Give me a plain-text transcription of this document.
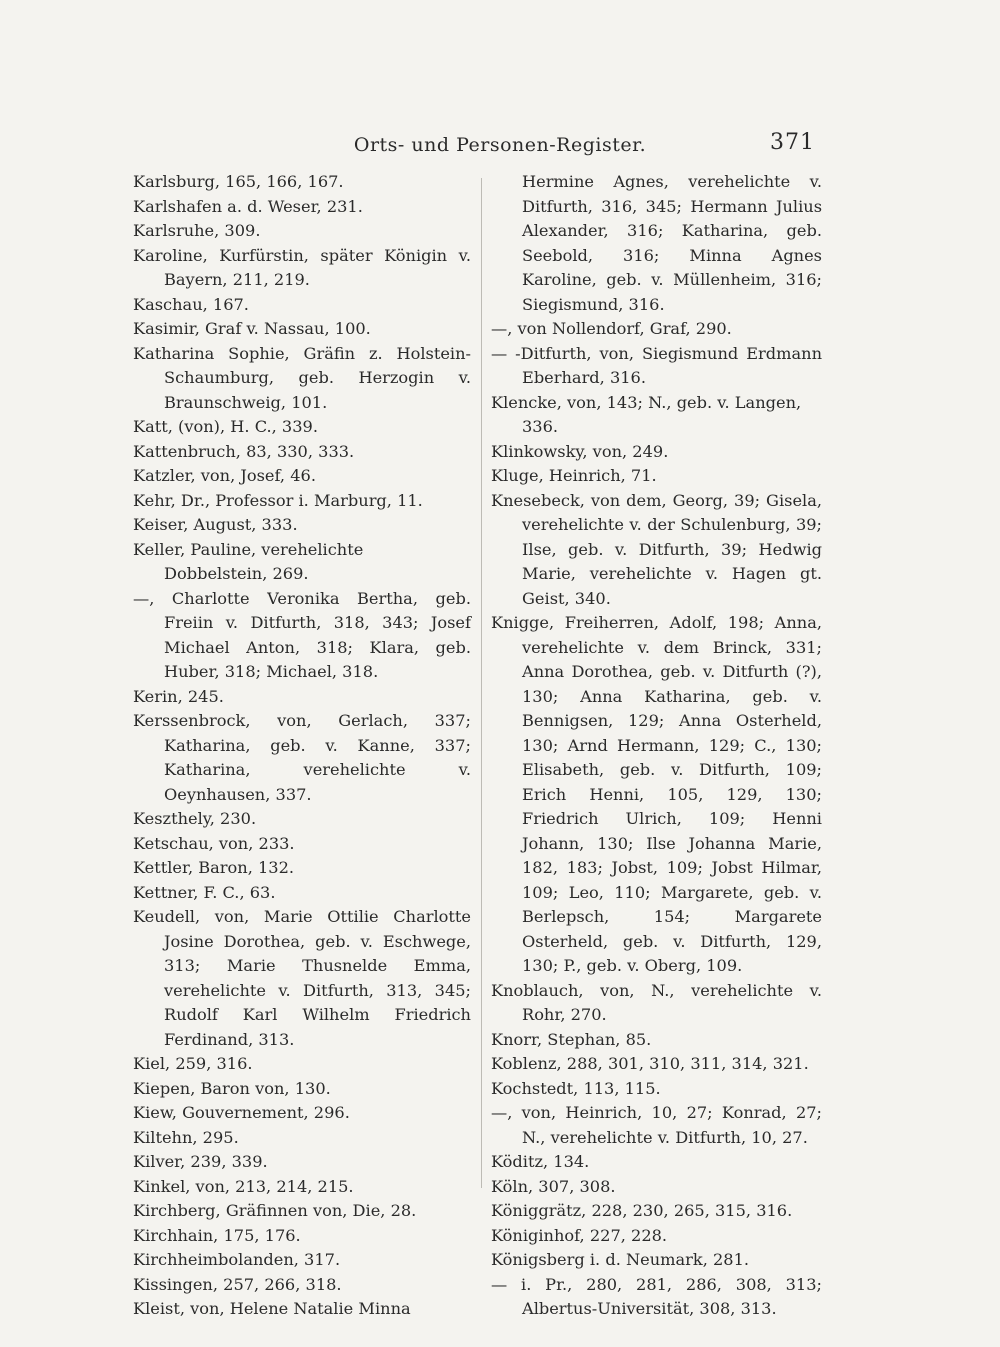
Orts- und Personen-Register.	371

Karlsburg, 165, 166, 167.

Karlshafen a. d. Weser, 231.

Karlsruhe, 309.

Karoline, Kurfürstin, später Königin v. Bayern, 211, 219.

Kaschau, 167.

Kasimir, Graf v. Nassau, 100.

Katharina Sophie, Gräfin z. Holstein-Schaumburg, geb. Herzogin v. Braunschweig, 101.

Katt, (von), H. C., 339.

Kattenbruch, 83, 330, 333.

Katzler, von, Josef, 46.

Kehr, Dr., Professor i. Marburg, 11.

Keiser, August, 333.

Keller, Pauline, verehelichte Dobbelstein, 269.

—, Charlotte Veronika Bertha, geb. Freiin v. Ditfurth, 318, 343; Josef Michael Anton, 318; Klara, geb. Huber, 318; Michael, 318.

Kerin, 245.

Kerssenbrock, von, Gerlach, 337; Katharina, geb. v. Kanne, 337; Katharina, verehelichte v. Oeynhausen, 337.

Keszthely, 230.

Ketschau, von, 233.

Kettler, Baron, 132.

Kettner, F. C., 63.

Keudell, von, Marie Ottilie Charlotte Josine Dorothea, geb. v. Eschwege, 313; Marie Thusnelde Emma, verehelichte v. Ditfurth, 313, 345; Rudolf Karl Wilhelm Friedrich Ferdinand, 313.

Kiel, 259, 316.

Kiepen, Baron von, 130.

Kiew, Gouvernement, 296.

Kiltehn, 295.

Kilver, 239, 339.

Kinkel, von, 213, 214, 215.

Kirchberg, Gräfinnen von, Die, 28.

Kirchhain, 175, 176.

Kirchheimbolanden, 317.

Kissingen, 257, 266, 318.

Kleist, von, Helene Natalie Minna

Hermine Agnes, verehelichte v. Ditfurth, 316, 345; Hermann Julius Alexander, 316; Katharina, geb. Seebold, 316; Minna Agnes Karoline, geb. v. Müllenheim, 316; Siegismund, 316.

—, von Nollendorf, Graf, 290.

— -Ditfurth, von, Siegismund Erdmann Eberhard, 316.

Klencke, von, 143; N., geb. v. Langen, 336.

Klinkowsky, von, 249.

Kluge, Heinrich, 71.

Knesebeck, von dem, Georg, 39; Gisela, verehelichte v. der Schulenburg, 39; Ilse, geb. v. Ditfurth, 39; Hedwig Marie, verehelichte v. Hagen gt. Geist, 340.

Knigge, Freiherren, Adolf, 198; Anna, verehelichte v. dem Brinck, 331; Anna Dorothea, geb. v. Ditfurth (?), 130; Anna Katharina, geb. v. Bennigsen, 129; Anna Osterheld, 130; Arnd Hermann, 129; C., 130; Elisabeth, geb. v. Ditfurth, 109; Erich Henni, 105, 129, 130; Friedrich Ulrich, 109; Henni Johann, 130; Ilse Johanna Marie, 182, 183; Jobst, 109; Jobst Hilmar, 109; Leo, 110; Margarete, geb. v. Berlepsch, 154; Margarete Osterheld, geb. v. Ditfurth, 129, 130; P., geb. v. Oberg, 109.

Knoblauch, von, N., verehelichte v. Rohr, 270.

Knorr, Stephan, 85.

Koblenz, 288, 301, 310, 311, 314, 321.

Kochstedt, 113, 115.

—, von, Heinrich, 10, 27; Konrad, 27; N., verehelichte v. Ditfurth, 10, 27.

Köditz, 134.

Köln, 307, 308.

Königgrätz, 228, 230, 265, 315, 316.

Königinhof, 227, 228.

Königsberg i. d. Neumark, 281.

— i. Pr., 280, 281, 286, 308, 313; Albertus-Universität, 308, 313.
